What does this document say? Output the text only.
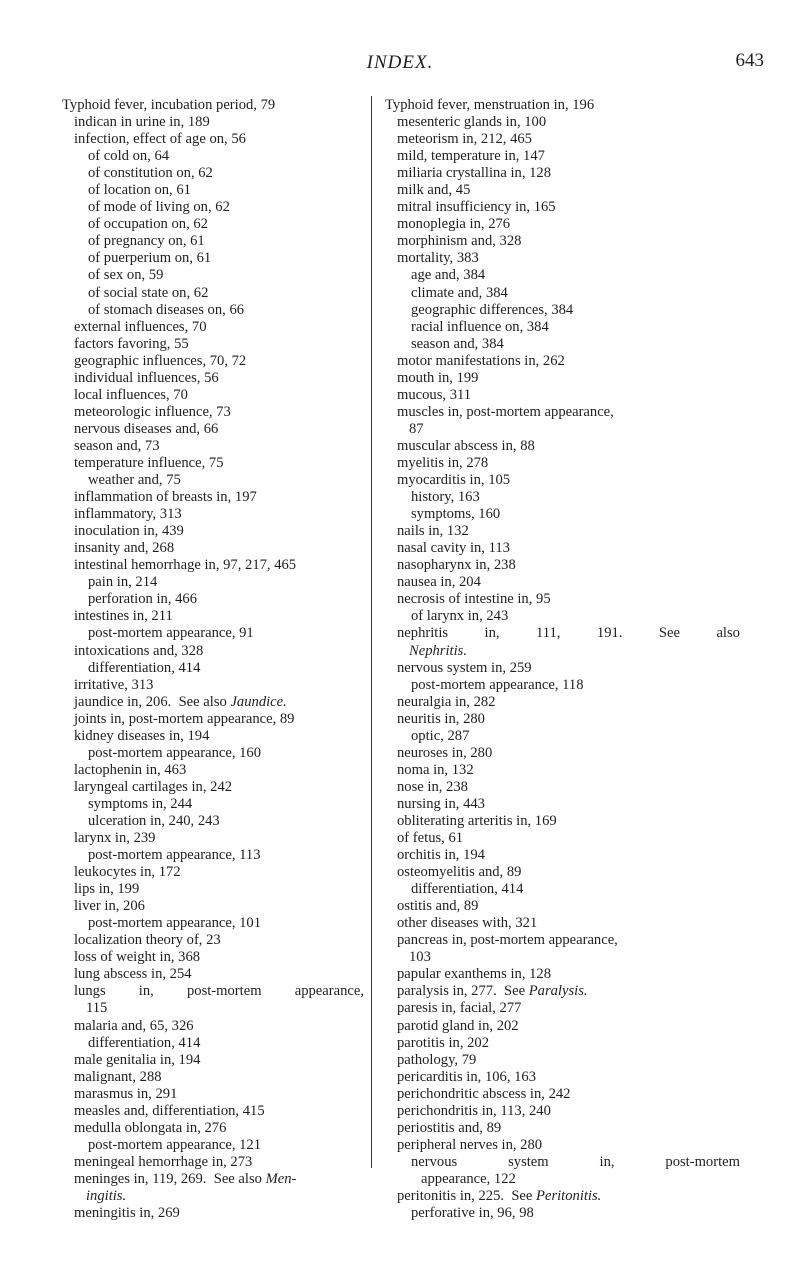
INDEX.	643
Typhoid fever, incubation period, 79
indican in urine in, 189
infection, effect of age on, 56
of cold on, 64
of constitution on, 62
of location on, 61
of mode of living on, 62
of occupation on, 62
of pregnancy on, 61
of puerperium on, 61
of sex on, 59
of social state on, 62
of stomach diseases on, 66
external influences, 70
factors favoring, 55
geographic influences, 70, 72
individual influences, 56
local influences, 70
meteorologic influence, 73
nervous diseases and, 66
season and, 73
temperature influence, 75
weather and, 75
inflammation of breasts in, 197
inflammatory, 313
inoculation in, 439
insanity and, 268
intestinal hemorrhage in, 97, 217, 465
pain in, 214
perforation in, 466
intestines in, 211
post-mortem appearance, 91
intoxications and, 328
differentiation, 414
irritative, 313
jaundice in, 206.  See also Jaundice.
joints in, post-mortem appearance, 89
kidney diseases in, 194
post-mortem appearance, 160
lactophenin in, 463
laryngeal cartilages in, 242
symptoms in, 244
ulceration in, 240, 243
larynx in, 239
post-mortem appearance, 113
leukocytes in, 172
lips in, 199
liver in, 206
post-mortem appearance, 101
localization theory of, 23
loss of weight in, 368
lung abscess in, 254
lungs in, post-mortem appearance,
115
malaria and, 65, 326
differentiation, 414
male genitalia in, 194
malignant, 288
marasmus in, 291
measles and, differentiation, 415
medulla oblongata in, 276
post-mortem appearance, 121
meningeal hemorrhage in, 273
meninges in, 119, 269.  See also Men-
ingitis.
meningitis in, 269
Typhoid fever, menstruation in, 196
mesenteric glands in, 100
meteorism in, 212, 465
mild, temperature in, 147
miliaria crystallina in, 128
milk and, 45
mitral insufficiency in, 165
monoplegia in, 276
morphinism and, 328
mortality, 383
age and, 384
climate and, 384
geographic differences, 384
racial influence on, 384
season and, 384
motor manifestations in, 262
mouth in, 199
mucous, 311
muscles in, post-mortem appearance,
87
muscular abscess in, 88
myelitis in, 278
myocarditis in, 105
history, 163
symptoms, 160
nails in, 132
nasal cavity in, 113
nasopharynx in, 238
nausea in, 204
necrosis of intestine in, 95
of larynx in, 243
nephritis in, 111, 191. See also
Nephritis.
nervous system in, 259
post-mortem appearance, 118
neuralgia in, 282
neuritis in, 280
optic, 287
neuroses in, 280
noma in, 132
nose in, 238
nursing in, 443
obliterating arteritis in, 169
of fetus, 61
orchitis in, 194
osteomyelitis and, 89
differentiation, 414
ostitis and, 89
other diseases with, 321
pancreas in, post-mortem appearance,
103
papular exanthems in, 128
paralysis in, 277.  See Paralysis.
paresis in, facial, 277
parotid gland in, 202
parotitis in, 202
pathology, 79
pericarditis in, 106, 163
perichondritic abscess in, 242
perichondritis in, 113, 240
periostitis and, 89
peripheral nerves in, 280
nervous	system	in,	post-mortem
appearance, 122
peritonitis in, 225.  See Peritonitis.
perforative in, 96, 98
